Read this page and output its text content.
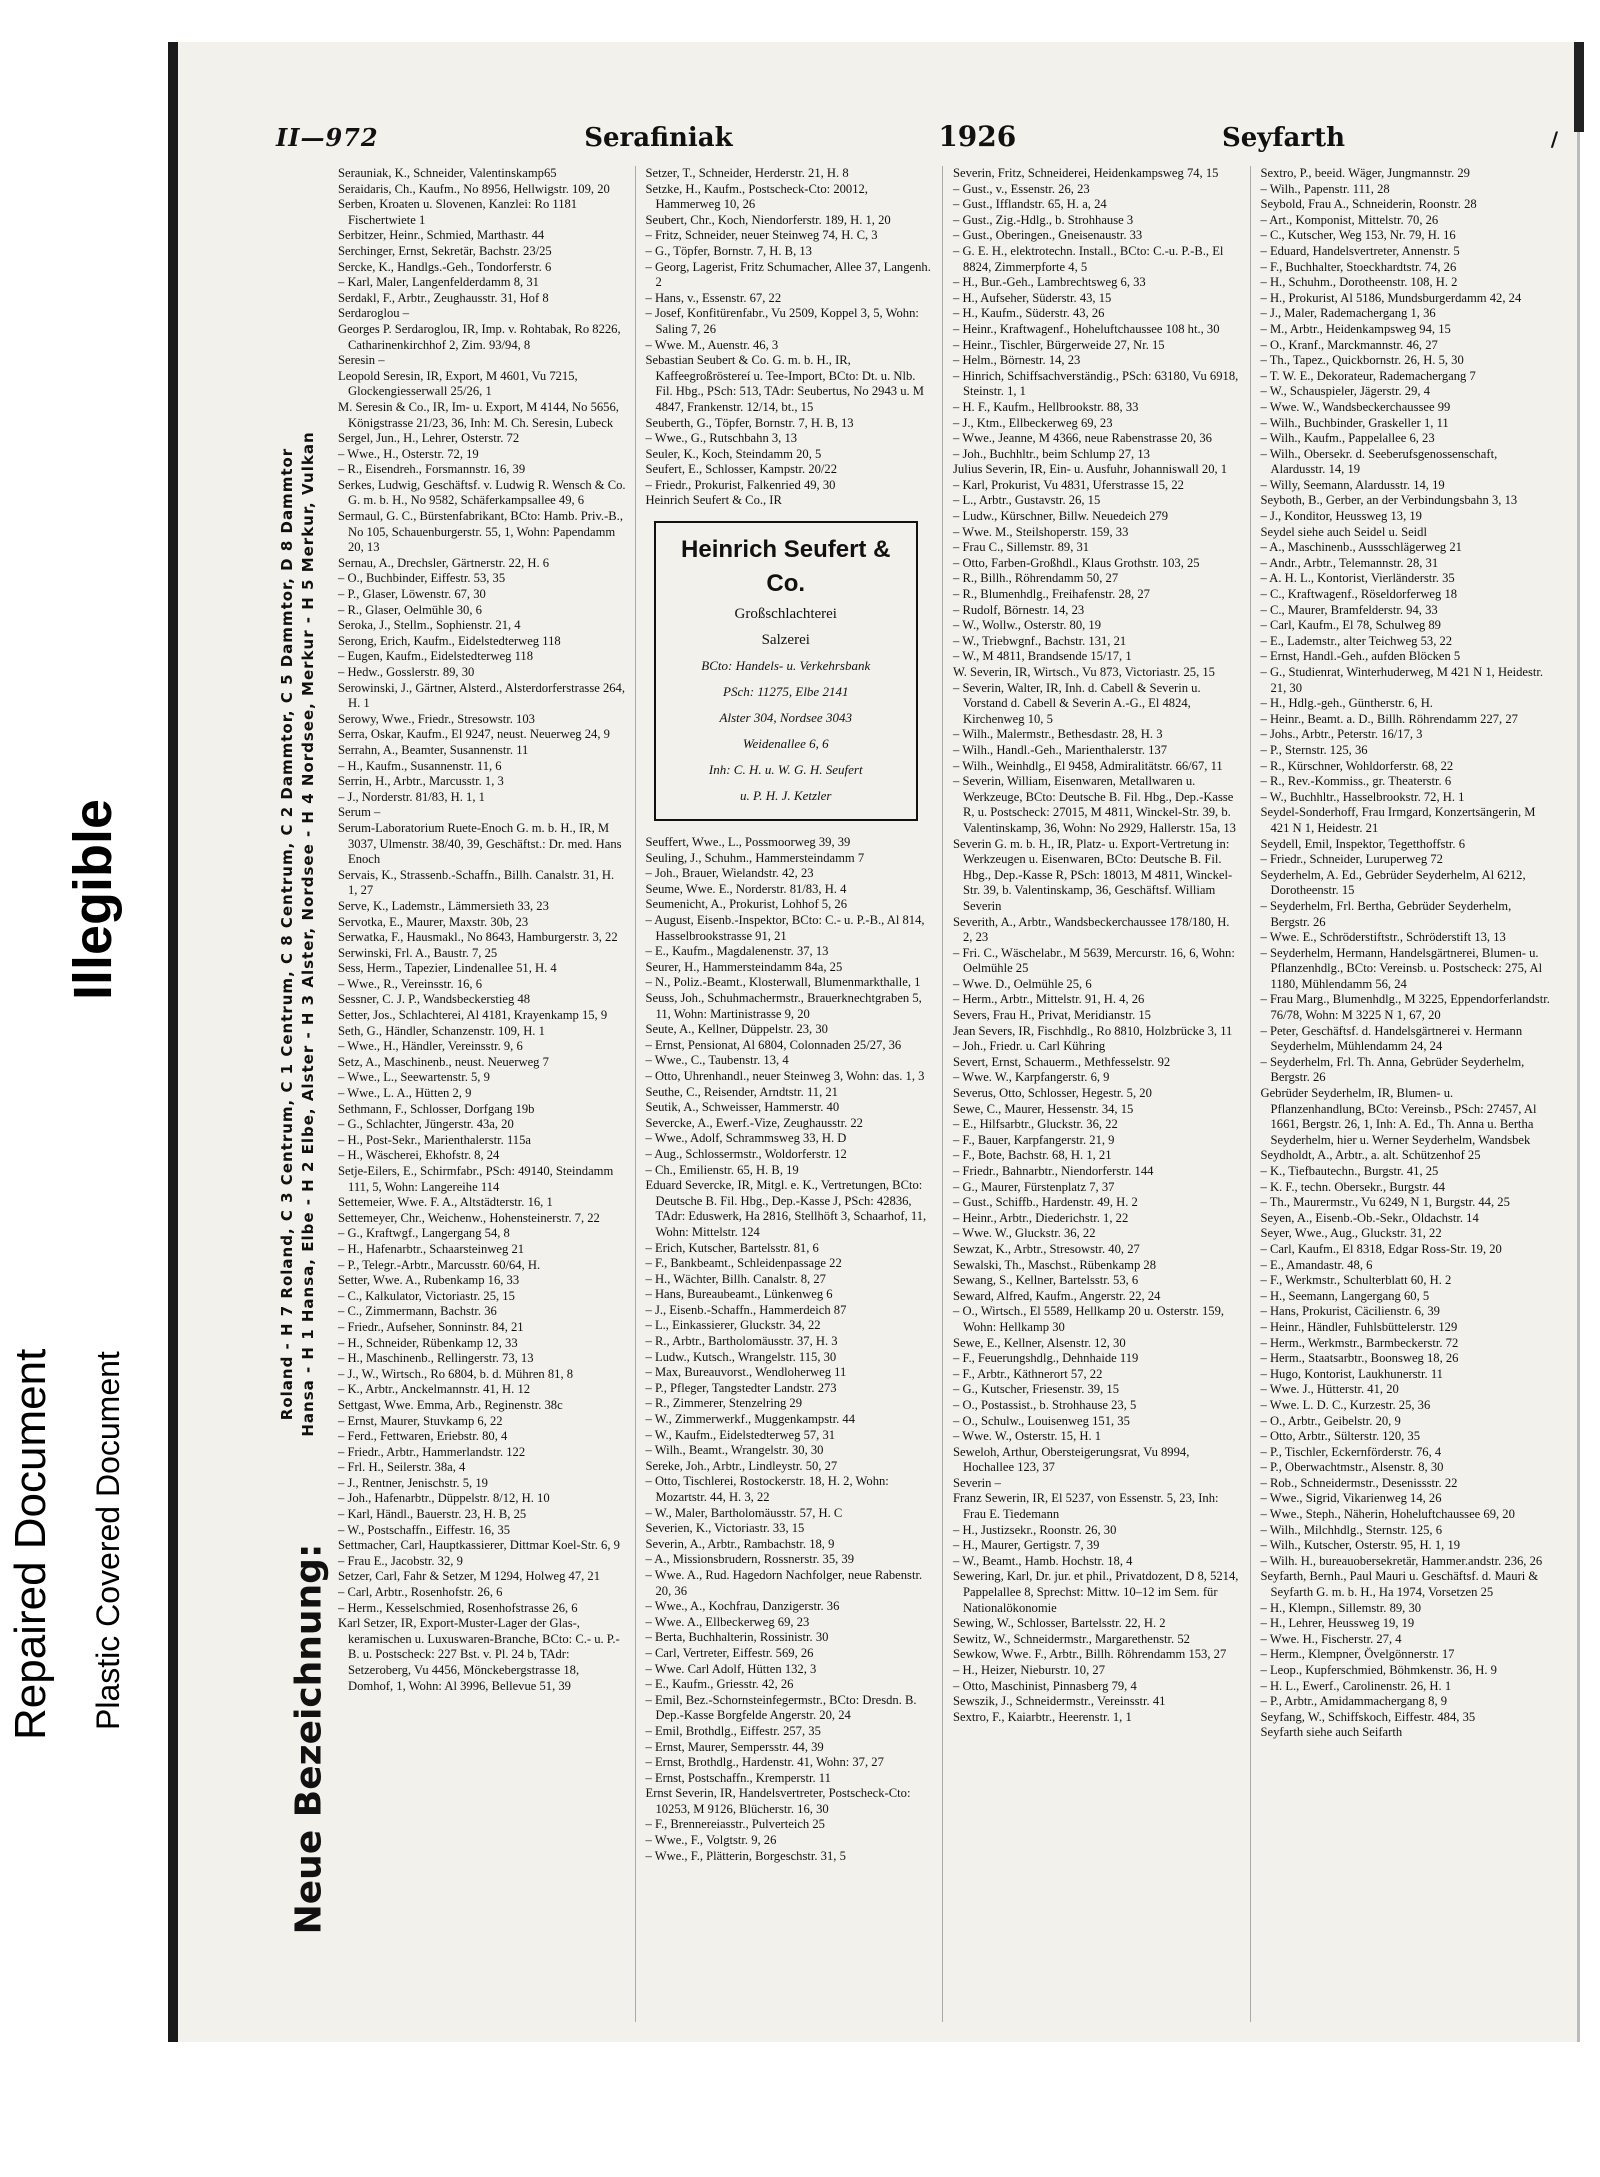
II—972	Serafiniak	1926	Seyfarth	/
Hansa - H 1 Hansa, Elbe - H 2 Elbe, Alster - H 3 Alster, Nordsee - H 4 Nordsee, Merkur - H 5 Merkur, Vulkan
Roland - H 7 Roland, C 3 Centrum, C 1 Centrum, C 8 Centrum, C 2 Dammtor, C 5 Dammtor, D 8 Dammtor
Neue Bezeichnung:
Serauniak, K., Schneider, Valentinskamp65
Seraidaris, Ch., Kaufm., No 8956, Hellwigstr. 109, 20
Serben, Kroaten u. Slovenen, Kanzlei: Ro 1181 Fischertwiete 1
Serbitzer, Heinr., Schmied, Marthastr. 44
Serchinger, Ernst, Sekretär, Bachstr. 23/25
Sercke, K., Handlgs.-Geh., Tondorferstr. 6
– Karl, Maler, Langenfelderdamm 8, 31
Serdakl, F., Arbtr., Zeughausstr. 31, Hof 8
Serdaroglou –
Georges P. Serdaroglou, IR, Imp. v. Rohtabak, Ro 8226, Catharinenkirchhof 2, Zim. 93/94, 8
Seresin –
Leopold Seresin, IR, Export, M 4601, Vu 7215, Glockengiesserwall 25/26, 1
M. Seresin & Co., IR, Im- u. Export, M 4144, No 5656, Königstrasse 21/23, 36, Inh: M. Ch. Seresin, Lubeck
Sergel, Jun., H., Lehrer, Osterstr. 72
– Wwe., H., Osterstr. 72, 19
– R., Eisendreh., Forsmannstr. 16, 39
Serkes, Ludwig, Geschäftsf. v. Ludwig R. Wensch & Co. G. m. b. H., No 9582, Schäferkampsallee 49, 6
Sermaul, G. C., Bürstenfabrikant, BCto: Hamb. Priv.-B., No 105, Schauenburgerstr. 55, 1, Wohn: Papendamm 20, 13
Sernau, A., Drechsler, Gärtnerstr. 22, H. 6
– O., Buchbinder, Eiffestr. 53, 35
– P., Glaser, Löwenstr. 67, 30
– R., Glaser, Oelmühle 30, 6
Seroka, J., Stellm., Sophienstr. 21, 4
Serong, Erich, Kaufm., Eidelstedterweg 118
– Eugen, Kaufm., Eidelstedterweg 118
– Hedw., Gosslerstr. 89, 30
Serowinski, J., Gärtner, Alsterd., Alsterdorferstrasse 264, H. 1
Serowy, Wwe., Friedr., Stresowstr. 103
Serra, Oskar, Kaufm., El 9247, neust. Neuerweg 24, 9
Serrahn, A., Beamter, Susannenstr. 11
– H., Kaufm., Susannenstr. 11, 6
Serrin, H., Arbtr., Marcusstr. 1, 3
– J., Norderstr. 81/83, H. 1, 1
Serum –
Serum-Laboratorium Ruete-Enoch G. m. b. H., IR, M 3037, Ulmenstr. 38/40, 39, Geschäftst.: Dr. med. Hans Enoch
Servais, K., Strassenb.-Schaffn., Billh. Canalstr. 31, H. 1, 27
Serve, K., Lademstr., Lämmersieth 33, 23
Servotka, E., Maurer, Maxstr. 30b, 23
Serwatka, F., Hausmakl., No 8643, Hamburgerstr. 3, 22
Serwinski, Frl. A., Baustr. 7, 25
Sess, Herm., Tapezier, Lindenallee 51, H. 4
– Wwe., R., Vereinsstr. 16, 6
Sessner, C. J. P., Wandsbeckerstieg 48
Setter, Jos., Schlachterei, Al 4181, Krayenkamp 15, 9
Seth, G., Händler, Schanzenstr. 109, H. 1
– Wwe., H., Händler, Vereinsstr. 9, 6
Setz, A., Maschinenb., neust. Neuerweg 7
– Wwe., L., Seewartenstr. 5, 9
– Wwe., L. A., Hütten 2, 9
Sethmann, F., Schlosser, Dorfgang 19b
– G., Schlachter, Jüngerstr. 43a, 20
– H., Post-Sekr., Marienthalerstr. 115a
– H., Wäscherei, Ekhofstr. 8, 24
Setje-Eilers, E., Schirmfabr., PSch: 49140, Steindamm 111, 5, Wohn: Langereihe 114
Settemeier, Wwe. F. A., Altstädterstr. 16, 1
Settemeyer, Chr., Weichenw., Hohensteinerstr. 7, 22
– G., Kraftwgf., Langergang 54, 8
– H., Hafenarbtr., Schaarsteinweg 21
– P., Telegr.-Arbtr., Marcusstr. 60/64, H.
Setter, Wwe. A., Rubenkamp 16, 33
– C., Kalkulator, Victoriastr. 25, 15
– C., Zimmermann, Bachstr. 36
– Friedr., Aufseher, Sonninstr. 84, 21
– H., Schneider, Rübenkamp 12, 33
– H., Maschinenb., Rellingerstr. 73, 13
– J., W., Wirtsch., Ro 6804, b. d. Mühren 81, 8
– K., Arbtr., Anckelmannstr. 41, H. 12
Settgast, Wwe. Emma, Arb., Reginenstr. 38c
– Ernst, Maurer, Stuvkamp 6, 22
– Ferd., Fettwaren, Eriebstr. 80, 4
– Friedr., Arbtr., Hammerlandstr. 122
– Frl. H., Seilerstr. 38a, 4
– J., Rentner, Jenischstr. 5, 19
– Joh., Hafenarbtr., Düppelstr. 8/12, H. 10
– Karl, Händl., Bauerstr. 23, H. B, 25
– W., Postschaffn., Eiffestr. 16, 35
Settmacher, Carl, Hauptkassierer, Dittmar Koel-Str. 6, 9
– Frau E., Jacobstr. 32, 9
Setzer, Carl, Fahr & Setzer, M 1294, Holweg 47, 21
– Carl, Arbtr., Rosenhofstr. 26, 6
– Herm., Kesselschmied, Rosenhofstrasse 26, 6
Karl Setzer, IR, Export-Muster-Lager der Glas-, keramischen u. Luxuswaren-Branche, BCto: C.- u. P.-B. u. Postscheck: 227 Bst. v. Pl. 24 b, TAdr: Setzeroberg, Vu 4456, Mönckebergstrasse 18, Domhof, 1, Wohn: Al 3996, Bellevue 51, 39
Setzer, T., Schneider, Herderstr. 21, H. 8
Setzke, H., Kaufm., Postscheck-Cto: 20012, Hammerweg 10, 26
Seubert, Chr., Koch, Niendorferstr. 189, H. 1, 20
– Fritz, Schneider, neuer Steinweg 74, H. C, 3
– G., Töpfer, Bornstr. 7, H. B, 13
– Georg, Lagerist, Fritz Schumacher, Allee 37, Langenh. 2
– Hans, v., Essenstr. 67, 22
– Josef, Konfitürenfabr., Vu 2509, Koppel 3, 5, Wohn: Saling 7, 26
– Wwe. M., Auenstr. 46, 3
Sebastian Seubert & Co. G. m. b. H., IR, Kaffeegroßröstereí u. Tee-Import, BCto: Dt. u. Nlb. Fil. Hbg., PSch: 513, TAdr: Seubertus, No 2943 u. M 4847, Frankenstr. 12/14, bt., 15
Seuberth, G., Töpfer, Bornstr. 7, H. B, 13
– Wwe., G., Rutschbahn 3, 13
Seuler, K., Koch, Steindamm 20, 5
Seufert, E., Schlosser, Kampstr. 20/22
– Friedr., Prokurist, Falkenried 49, 30
Heinrich Seufert & Co., IR
Heinrich Seufert & Co.
Großschlachterei
Salzerei
BCto: Handels- u. Verkehrsbank
PSch: 11275, Elbe 2141
Alster 304, Nordsee 3043
Weidenallee 6, 6
Inh: C. H. u. W. G. H. Seufert
u. P. H. J. Ketzler
Seuffert, Wwe., L., Possmoorweg 39, 39
Seuling, J., Schuhm., Hammersteindamm 7
– Joh., Brauer, Wielandstr. 42, 23
Seume, Wwe. E., Norderstr. 81/83, H. 4
Seumenicht, A., Prokurist, Lohhof 5, 26
– August, Eisenb.-Inspektor, BCto: C.- u. P.-B., Al 814, Hasselbrookstrasse 91, 21
– E., Kaufm., Magdalenenstr. 37, 13
Seurer, H., Hammersteindamm 84a, 25
– N., Poliz.-Beamt., Klosterwall, Blumenmarkthalle, 1
Seuss, Joh., Schuhmachermstr., Brauerknechtgraben 5, 11, Wohn: Martinistrasse 9, 20
Seute, A., Kellner, Düppelstr. 23, 30
– Ernst, Pensionat, Al 6804, Colonnaden 25/27, 36
– Wwe., C., Taubenstr. 13, 4
– Otto, Uhrenhandl., neuer Steinweg 3, Wohn: das. 1, 3
Seuthe, C., Reisender, Arndtstr. 11, 21
Seutik, A., Schweisser, Hammerstr. 40
Severcke, A., Ewerf.-Vize, Zeughausstr. 22
– Wwe., Adolf, Schrammsweg 33, H. D
– Aug., Schlossermstr., Woldorferstr. 12
– Ch., Emilienstr. 65, H. B, 19
Eduard Severcke, IR, Mitgl. e. K., Vertretungen, BCto: Deutsche B. Fil. Hbg., Dep.-Kasse J, PSch: 42836, TAdr: Eduswerk, Ha 2816, Stellhöft 3, Schaarhof, 11, Wohn: Mittelstr. 124
– Erich, Kutscher, Bartelsstr. 81, 6
– F., Bankbeamt., Schleidenpassage 22
– H., Wächter, Billh. Canalstr. 8, 27
– Hans, Bureaubeamt., Lünkenweg 6
– J., Eisenb.-Schaffn., Hammerdeich 87
– L., Einkassierer, Gluckstr. 34, 22
– R., Arbtr., Bartholomäusstr. 37, H. 3
– Ludw., Kutsch., Wrangelstr. 115, 30
– Max, Bureauvorst., Wendloherweg 11
– P., Pfleger, Tangstedter Landstr. 273
– R., Zimmerer, Stenzelring 29
– W., Zimmerwerkf., Muggenkampstr. 44
– W., Kaufm., Eidelstedterweg 57, 31
– Wilh., Beamt., Wrangelstr. 30, 30
Sereke, Joh., Arbtr., Lindleystr. 50, 27
– Otto, Tischlerei, Rostockerstr. 18, H. 2, Wohn: Mozartstr. 44, H. 3, 22
– W., Maler, Bartholomäusstr. 57, H. C
Severien, K., Victoriastr. 33, 15
Severin, A., Arbtr., Rambachstr. 18, 9
– A., Missionsbrudern, Rossnerstr. 35, 39
– Wwe. A., Rud. Hagedorn Nachfolger, neue Rabenstr. 20, 36
– Wwe., A., Kochfrau, Danzigerstr. 36
– Wwe. A., Ellbeckerweg 69, 23
– Berta, Buchhalterin, Rossinistr. 30
– Carl, Vertreter, Eiffestr. 569, 26
– Wwe. Carl Adolf, Hütten 132, 3
– E., Kaufm., Griesstr. 42, 26
– Emil, Bez.-Schornsteinfegermstr., BCto: Dresdn. B. Dep.-Kasse Borgfelde Angerstr. 20, 24
– Emil, Brothdlg., Eiffestr. 257, 35
– Ernst, Maurer, Sempersstr. 44, 39
– Ernst, Brothdlg., Hardenstr. 41, Wohn: 37, 27
– Ernst, Postschaffn., Kremperstr. 11
Ernst Severin, IR, Handelsvertreter, Postscheck-Cto: 10253, M 9126, Blücherstr. 16, 30
– F., Brennereiasstr., Pulverteich 25
– Wwe., F., Volgtstr. 9, 26
– Wwe., F., Plätterin, Borgeschstr. 31, 5
Severin, Fritz, Schneiderei, Heidenkampsweg 74, 15
– Gust., v., Essenstr. 26, 23
– Gust., Ifflandstr. 65, H. a, 24
– Gust., Zig.-Hdlg., b. Strohhause 3
– Gust., Oberingen., Gneisenaustr. 33
– G. E. H., elektrotechn. Install., BCto: C.-u. P.-B., El 8824, Zimmerpforte 4, 5
– H., Bur.-Geh., Lambrechtsweg 6, 33
– H., Aufseher, Süderstr. 43, 15
– H., Kaufm., Süderstr. 43, 26
– Heinr., Kraftwagenf., Hoheluftchaussee 108 ht., 30
– Heinr., Tischler, Bürgerweide 27, Nr. 15
– Helm., Börnestr. 14, 23
– Hinrich, Schiffsachverständig., PSch: 63180, Vu 6918, Steinstr. 1, 1
– H. F., Kaufm., Hellbrookstr. 88, 33
– J., Ktm., Ellbeckerweg 69, 23
– Wwe., Jeanne, M 4366, neue Rabenstrasse 20, 36
– Joh., Buchhltr., beim Schlump 27, 13
Julius Severin, IR, Ein- u. Ausfuhr, Johanniswall 20, 1
– Karl, Prokurist, Vu 4831, Uferstrasse 15, 22
– L., Arbtr., Gustavstr. 26, 15
– Ludw., Kürschner, Billw. Neuedeich 279
– Wwe. M., Steilshoperstr. 159, 33
– Frau C., Sillemstr. 89, 31
– Otto, Farben-Großhdl., Klaus Grothstr. 103, 25
– R., Billh., Röhrendamm 50, 27
– R., Blumenhdlg., Freihafenstr. 28, 27
– Rudolf, Börnestr. 14, 23
– W., Wollw., Osterstr. 80, 19
– W., Triebwgnf., Bachstr. 131, 21
– W., M 4811, Brandsende 15/17, 1
W. Severin, IR, Wirtsch., Vu 873, Victoriastr. 25, 15
– Severin, Walter, IR, Inh. d. Cabell & Severin u. Vorstand d. Cabell & Severin A.-G., El 4824, Kirchenweg 10, 5
– Wilh., Malermstr., Bethesdastr. 28, H. 3
– Wilh., Handl.-Geh., Marienthalerstr. 137
– Wilh., Weinhdlg., El 9458, Admiralitätstr. 66/67, 11
– Severin, William, Eisenwaren, Metallwaren u. Werkzeuge, BCto: Deutsche B. Fil. Hbg., Dep.-Kasse R, u. Postscheck: 27015, M 4811, Winckel-Str. 39, b. Valentinskamp, 36, Wohn: No 2929, Hallerstr. 15a, 13
Severin G. m. b. H., IR, Platz- u. Export-Vertretung in: Werkzeugen u. Eisenwaren, BCto: Deutsche B. Fil. Hbg., Dep.-Kasse R, PSch: 18013, M 4811, Winckel-Str. 39, b. Valentinskamp, 36, Geschäftsf. William Severin
Severith, A., Arbtr., Wandsbeckerchaussee 178/180, H. 2, 23
– Fri. C., Wäschelabr., M 5639, Mercurstr. 16, 6, Wohn: Oelmühle 25
– Wwe. D., Oelmühle 25, 6
– Herm., Arbtr., Mittelstr. 91, H. 4, 26
Severs, Frau H., Privat, Meridianstr. 15
Jean Severs, IR, Fischhdlg., Ro 8810, Holzbrücke 3, 11
– Joh., Friedr. u. Carl Kühring
Severt, Ernst, Schauerm., Methfesselstr. 92
– Wwe. W., Karpfangerstr. 6, 9
Severus, Otto, Schlosser, Hegestr. 5, 20
Sewe, C., Maurer, Hessenstr. 34, 15
– E., Hilfsarbtr., Gluckstr. 36, 22
– F., Bauer, Karpfangerstr. 21, 9
– F., Bote, Bachstr. 68, H. 1, 21
– Friedr., Bahnarbtr., Niendorferstr. 144
– G., Maurer, Fürstenplatz 7, 37
– Gust., Schiffb., Hardenstr. 49, H. 2
– Heinr., Arbtr., Diederichstr. 1, 22
– Wwe. W., Gluckstr. 36, 22
Sewzat, K., Arbtr., Stresowstr. 40, 27
Sewalski, Th., Maschst., Rübenkamp 28
Sewang, S., Kellner, Bartelsstr. 53, 6
Seward, Alfred, Kaufm., Angerstr. 22, 24
– O., Wirtsch., El 5589, Hellkamp 20 u. Osterstr. 159, Wohn: Hellkamp 30
Sewe, E., Kellner, Alsenstr. 12, 30
– F., Feuerungshdlg., Dehnhaide 119
– F., Arbtr., Käthnerort 57, 22
– G., Kutscher, Friesenstr. 39, 15
– O., Postassist., b. Strohhause 23, 5
– O., Schulw., Louisenweg 151, 35
– Wwe. W., Osterstr. 15, H. 1
Seweloh, Arthur, Obersteigerungsrat, Vu 8994, Hochallee 123, 37
Severin –
Franz Sewerin, IR, El 5237, von Essenstr. 5, 23, Inh: Frau E. Tiedemann
– H., Justizsekr., Roonstr. 26, 30
– H., Maurer, Gertigstr. 7, 39
– W., Beamt., Hamb. Hochstr. 18, 4
Sewering, Karl, Dr. jur. et phil., Privatdozent, D 8, 5214, Pappelallee 8, Sprechst: Mittw. 10–12 im Sem. für Nationalökonomie
Sewing, W., Schlosser, Bartelsstr. 22, H. 2
Sewitz, W., Schneidermstr., Margarethenstr. 52
Sewkow, Wwe. F., Arbtr., Billh. Röhrendamm 153, 27
– H., Heizer, Nieburstr. 10, 27
– Otto, Maschinist, Pinnasberg 79, 4
Sewszik, J., Schneidermstr., Vereinsstr. 41
Sextro, F., Kaiarbtr., Heerenstr. 1, 1
Sextro, P., beeid. Wäger, Jungmannstr. 29
– Wilh., Papenstr. 111, 28
Seybold, Frau A., Schneiderin, Roonstr. 28
– Art., Komponist, Mittelstr. 70, 26
– C., Kutscher, Weg 153, Nr. 79, H. 16
– Eduard, Handelsvertreter, Annenstr. 5
– F., Buchhalter, Stoeckhardtstr. 74, 26
– H., Schuhm., Dorotheenstr. 108, H. 2
– H., Prokurist, Al 5186, Mundsburgerdamm 42, 24
– J., Maler, Rademachergang 1, 36
– M., Arbtr., Heidenkampsweg 94, 15
– O., Kranf., Marckmannstr. 46, 27
– Th., Tapez., Quickbornstr. 26, H. 5, 30
– T. W. E., Dekorateur, Rademachergang 7
– W., Schauspieler, Jägerstr. 29, 4
– Wwe. W., Wandsbeckerchaussee 99
– Wilh., Buchbinder, Graskeller 1, 11
– Wilh., Kaufm., Pappelallee 6, 23
– Wilh., Obersekr. d. Seeberufsgenossenschaft, Alardusstr. 14, 19
– Willy, Seemann, Alardusstr. 14, 19
Seyboth, B., Gerber, an der Verbindungsbahn 3, 13
– J., Konditor, Heussweg 13, 19
Seydel siehe auch Seidel u. Seidl
– A., Maschinenb., Aussschlägerweg 21
– Andr., Arbtr., Telemannstr. 28, 31
– A. H. L., Kontorist, Vierländerstr. 35
– C., Kraftwagenf., Röseldorferweg 18
– C., Maurer, Bramfelderstr. 94, 33
– Carl, Kaufm., El 78, Schulweg 89
– E., Lademstr., alter Teichweg 53, 22
– Ernst, Handl.-Geh., aufden Blöcken 5
– G., Studienrat, Winterhuderweg, M 421 N 1, Heidestr. 21, 30
– H., Hdlg.-geh., Güntherstr. 6, H.
– Heinr., Beamt. a. D., Billh. Röhrendamm 227, 27
– Johs., Arbtr., Peterstr. 16/17, 3
– P., Sternstr. 125, 36
– R., Kürschner, Wohldorferstr. 68, 22
– R., Rev.-Kommiss., gr. Theaterstr. 6
– W., Buchhltr., Hasselbrookstr. 72, H. 1
Seydel-Sonderhoff, Frau Irmgard, Konzertsängerin, M 421 N 1, Heidestr. 21
Seydell, Emil, Inspektor, Tegetthoffstr. 6
– Friedr., Schneider, Luruperweg 72
Seyderhelm, A. Ed., Gebrüder Seyderhelm, Al 6212, Dorotheenstr. 15
– Seyderhelm, Frl. Bertha, Gebrüder Seyderhelm, Bergstr. 26
– Wwe. E., Schröderstiftstr., Schröderstift 13, 13
– Seyderhelm, Hermann, Handelsgärtnerei, Blumen- u. Pflanzenhdlg., BCto: Vereinsb. u. Postscheck: 275, Al 1180, Mühlendamm 56, 24
– Frau Marg., Blumenhdlg., M 3225, Eppendorferlandstr. 76/78, Wohn: M 3225 N 1, 67, 20
– Peter, Geschäftsf. d. Handelsgärtnerei v. Hermann Seyderhelm, Mühlendamm 24, 24
– Seyderhelm, Frl. Th. Anna, Gebrüder Seyderhelm, Bergstr. 26
Gebrüder Seyderhelm, IR, Blumen- u. Pflanzenhandlung, BCto: Vereinsb., PSch: 27457, Al 1661, Bergstr. 26, 1, Inh: A. Ed., Th. Anna u. Bertha Seyderhelm, hier u. Werner Seyderhelm, Wandsbek
Seydholdt, A., Arbtr., a. alt. Schützenhof 25
– K., Tiefbautechn., Burgstr. 41, 25
– K. F., techn. Obersekr., Burgstr. 44
– Th., Maurermstr., Vu 6249, N 1, Burgstr. 44, 25
Seyen, A., Eisenb.-Ob.-Sekr., Oldachstr. 14
Seyer, Wwe., Aug., Gluckstr. 31, 22
– Carl, Kaufm., El 8318, Edgar Ross-Str. 19, 20
– E., Amandastr. 48, 6
– F., Werkmstr., Schulterblatt 60, H. 2
– H., Seemann, Langergang 60, 5
– Hans, Prokurist, Cäcilienstr. 6, 39
– Heinr., Händler, Fuhlsbüttelerstr. 129
– Herm., Werkmstr., Barmbeckerstr. 72
– Herm., Staatsarbtr., Boonsweg 18, 26
– Hugo, Kontorist, Laukhunerstr. 11
– Wwe. J., Hütterstr. 41, 20
– Wwe. L. D. C., Kurzestr. 25, 36
– O., Arbtr., Geibelstr. 20, 9
– Otto, Arbtr., Sülterstr. 120, 35
– P., Tischler, Eckernförderstr. 76, 4
– P., Oberwachtmstr., Alsenstr. 8, 30
– Rob., Schneidermstr., Desenissstr. 22
– Wwe., Sigrid, Vikarienweg 14, 26
– Wwe., Steph., Näherin, Hoheluftchaussee 69, 20
– Wilh., Milchhdlg., Sternstr. 125, 6
– Wilh., Kutscher, Osterstr. 95, H. 1, 19
– Wilh. H., bureauobersekretär, Hammer.andstr. 236, 26
Seyfarth, Bernh., Paul Mauri u. Geschäftsf. d. Mauri & Seyfarth G. m. b. H., Ha 1974, Vorsetzen 25
– H., Klempn., Sillemstr. 89, 30
– H., Lehrer, Heussweg 19, 19
– Wwe. H., Fischerstr. 27, 4
– Herm., Klempner, Övelgönnerstr. 17
– Leop., Kupferschmied, Böhmkenstr. 36, H. 9
– H. L., Ewerf., Carolinenstr. 26, H. 1
– P., Arbtr., Amidammachergang 8, 9
Seyfang, W., Schiffskoch, Eiffestr. 484, 35
Seyfarth siehe auch Seifarth
Illegible
Repaired Document Plastic Covered Document
